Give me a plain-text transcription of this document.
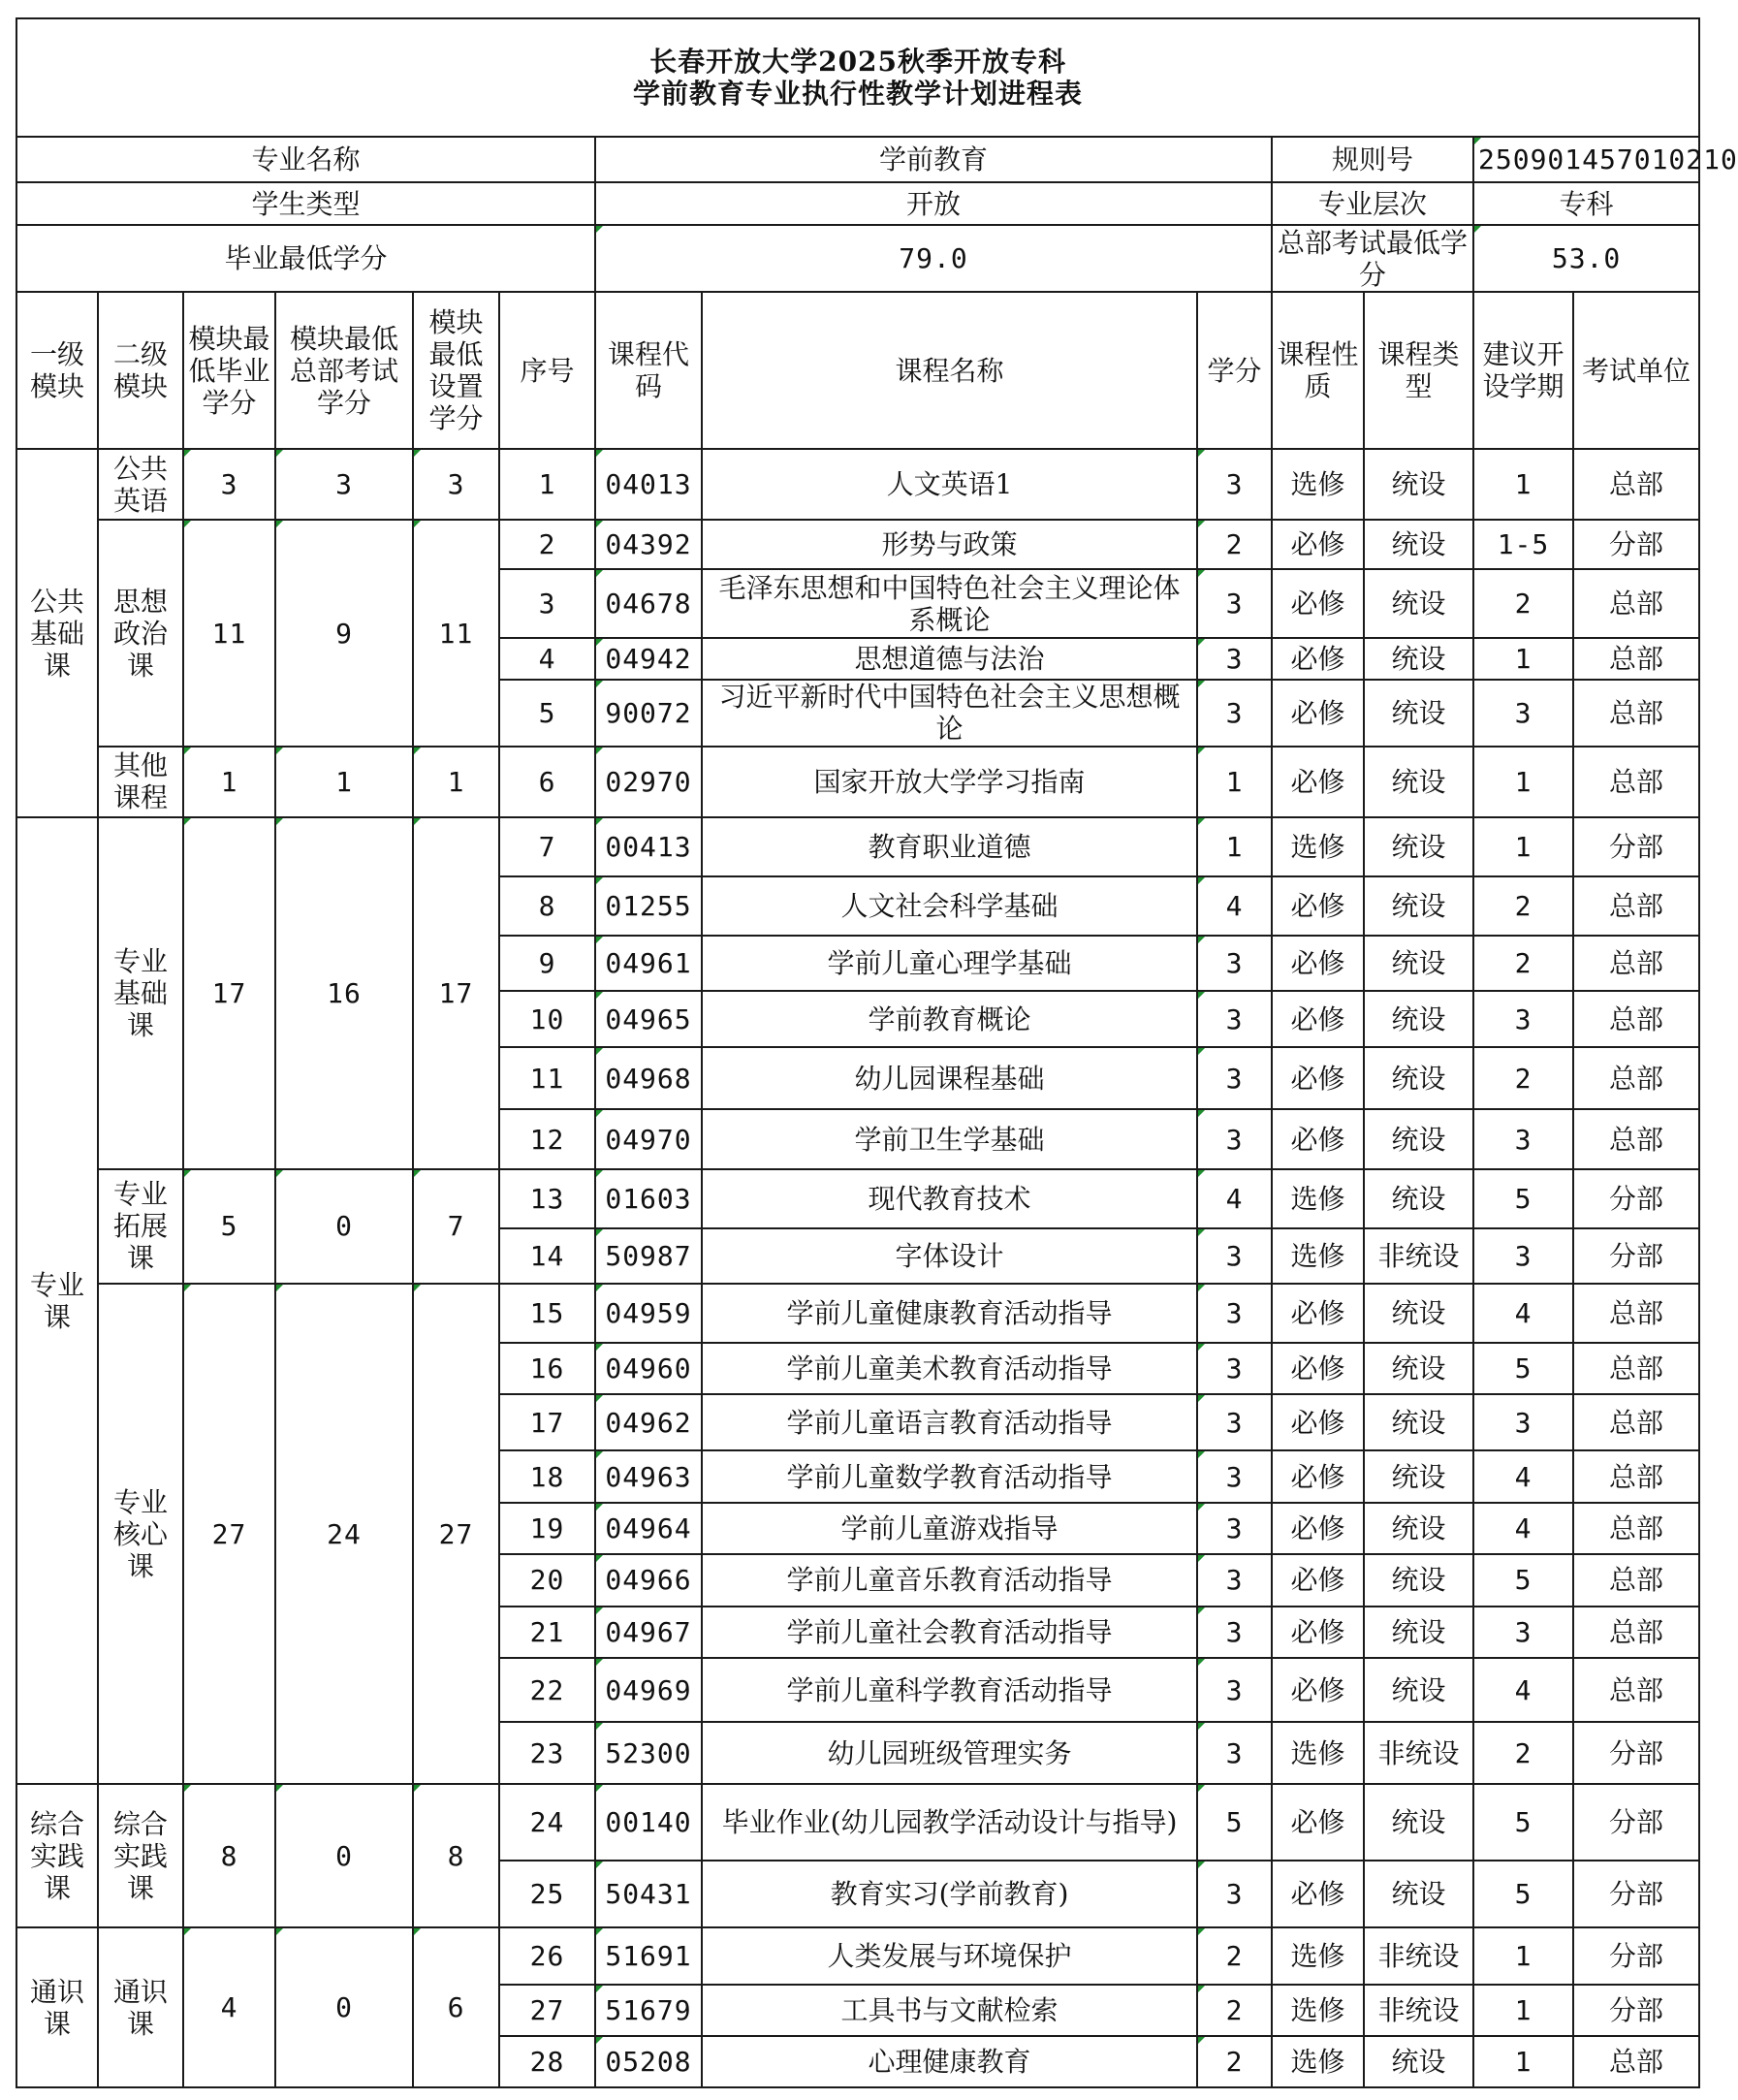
长春开放大学2025秋季开放专科
学前教育专业执行性教学计划进程表												

专业名称						学前教育			规则号		250901457010210	
学生类型						开放			专业层次		专科	
毕业最低学分						79.0			总部考试最低学分		53.0	
一级模块	二级模块	模块最低毕业学分	模块最低总部考试学分	模块最低设置学分	序号	课程代码	课程名称	学分	课程性质	课程类型	建议开设学期	考试单位
公共基础课	公共英语	3	3	3	1	04013	人文英语1	3	选修	统设	1	总部
	思想政治课	11	9	11	2	04392	形势与政策	2	必修	统设	1-5	分部
					3	04678	毛泽东思想和中国特色社会主义理论体系概论	3	必修	统设	2	总部
					4	04942	思想道德与法治	3	必修	统设	1	总部
					5	90072	习近平新时代中国特色社会主义思想概论	3	必修	统设	3	总部
	其他课程	1	1	1	6	02970	国家开放大学学习指南	1	必修	统设	1	总部
专业课	专业基础课	17	16	17	7	00413	教育职业道德	1	选修	统设	1	分部
					8	01255	人文社会科学基础	4	必修	统设	2	总部
					9	04961	学前儿童心理学基础	3	必修	统设	2	总部
					10	04965	学前教育概论	3	必修	统设	3	总部
					11	04968	幼儿园课程基础	3	必修	统设	2	总部
					12	04970	学前卫生学基础	3	必修	统设	3	总部
	专业拓展课	5	0	7	13	01603	现代教育技术	4	选修	统设	5	分部
					14	50987	字体设计	3	选修	非统设	3	分部
	专业核心课	27	24	27	15	04959	学前儿童健康教育活动指导	3	必修	统设	4	总部
					16	04960	学前儿童美术教育活动指导	3	必修	统设	5	总部
					17	04962	学前儿童语言教育活动指导	3	必修	统设	3	总部
					18	04963	学前儿童数学教育活动指导	3	必修	统设	4	总部
					19	04964	学前儿童游戏指导	3	必修	统设	4	总部
					20	04966	学前儿童音乐教育活动指导	3	必修	统设	5	总部
					21	04967	学前儿童社会教育活动指导	3	必修	统设	3	总部
					22	04969	学前儿童科学教育活动指导	3	必修	统设	4	总部
					23	52300	幼儿园班级管理实务	3	选修	非统设	2	分部
综合实践课	综合实践课	8	0	8	24	00140	毕业作业(幼儿园教学活动设计与指导)	5	必修	统设	5	分部
					25	50431	教育实习(学前教育)	3	必修	统设	5	分部
通识课	通识课	4	0	6	26	51691	人类发展与环境保护	2	选修	非统设	1	分部
					27	51679	工具书与文献检索	2	选修	非统设	1	分部
					28	05208	心理健康教育	2	选修	统设	1	总部
